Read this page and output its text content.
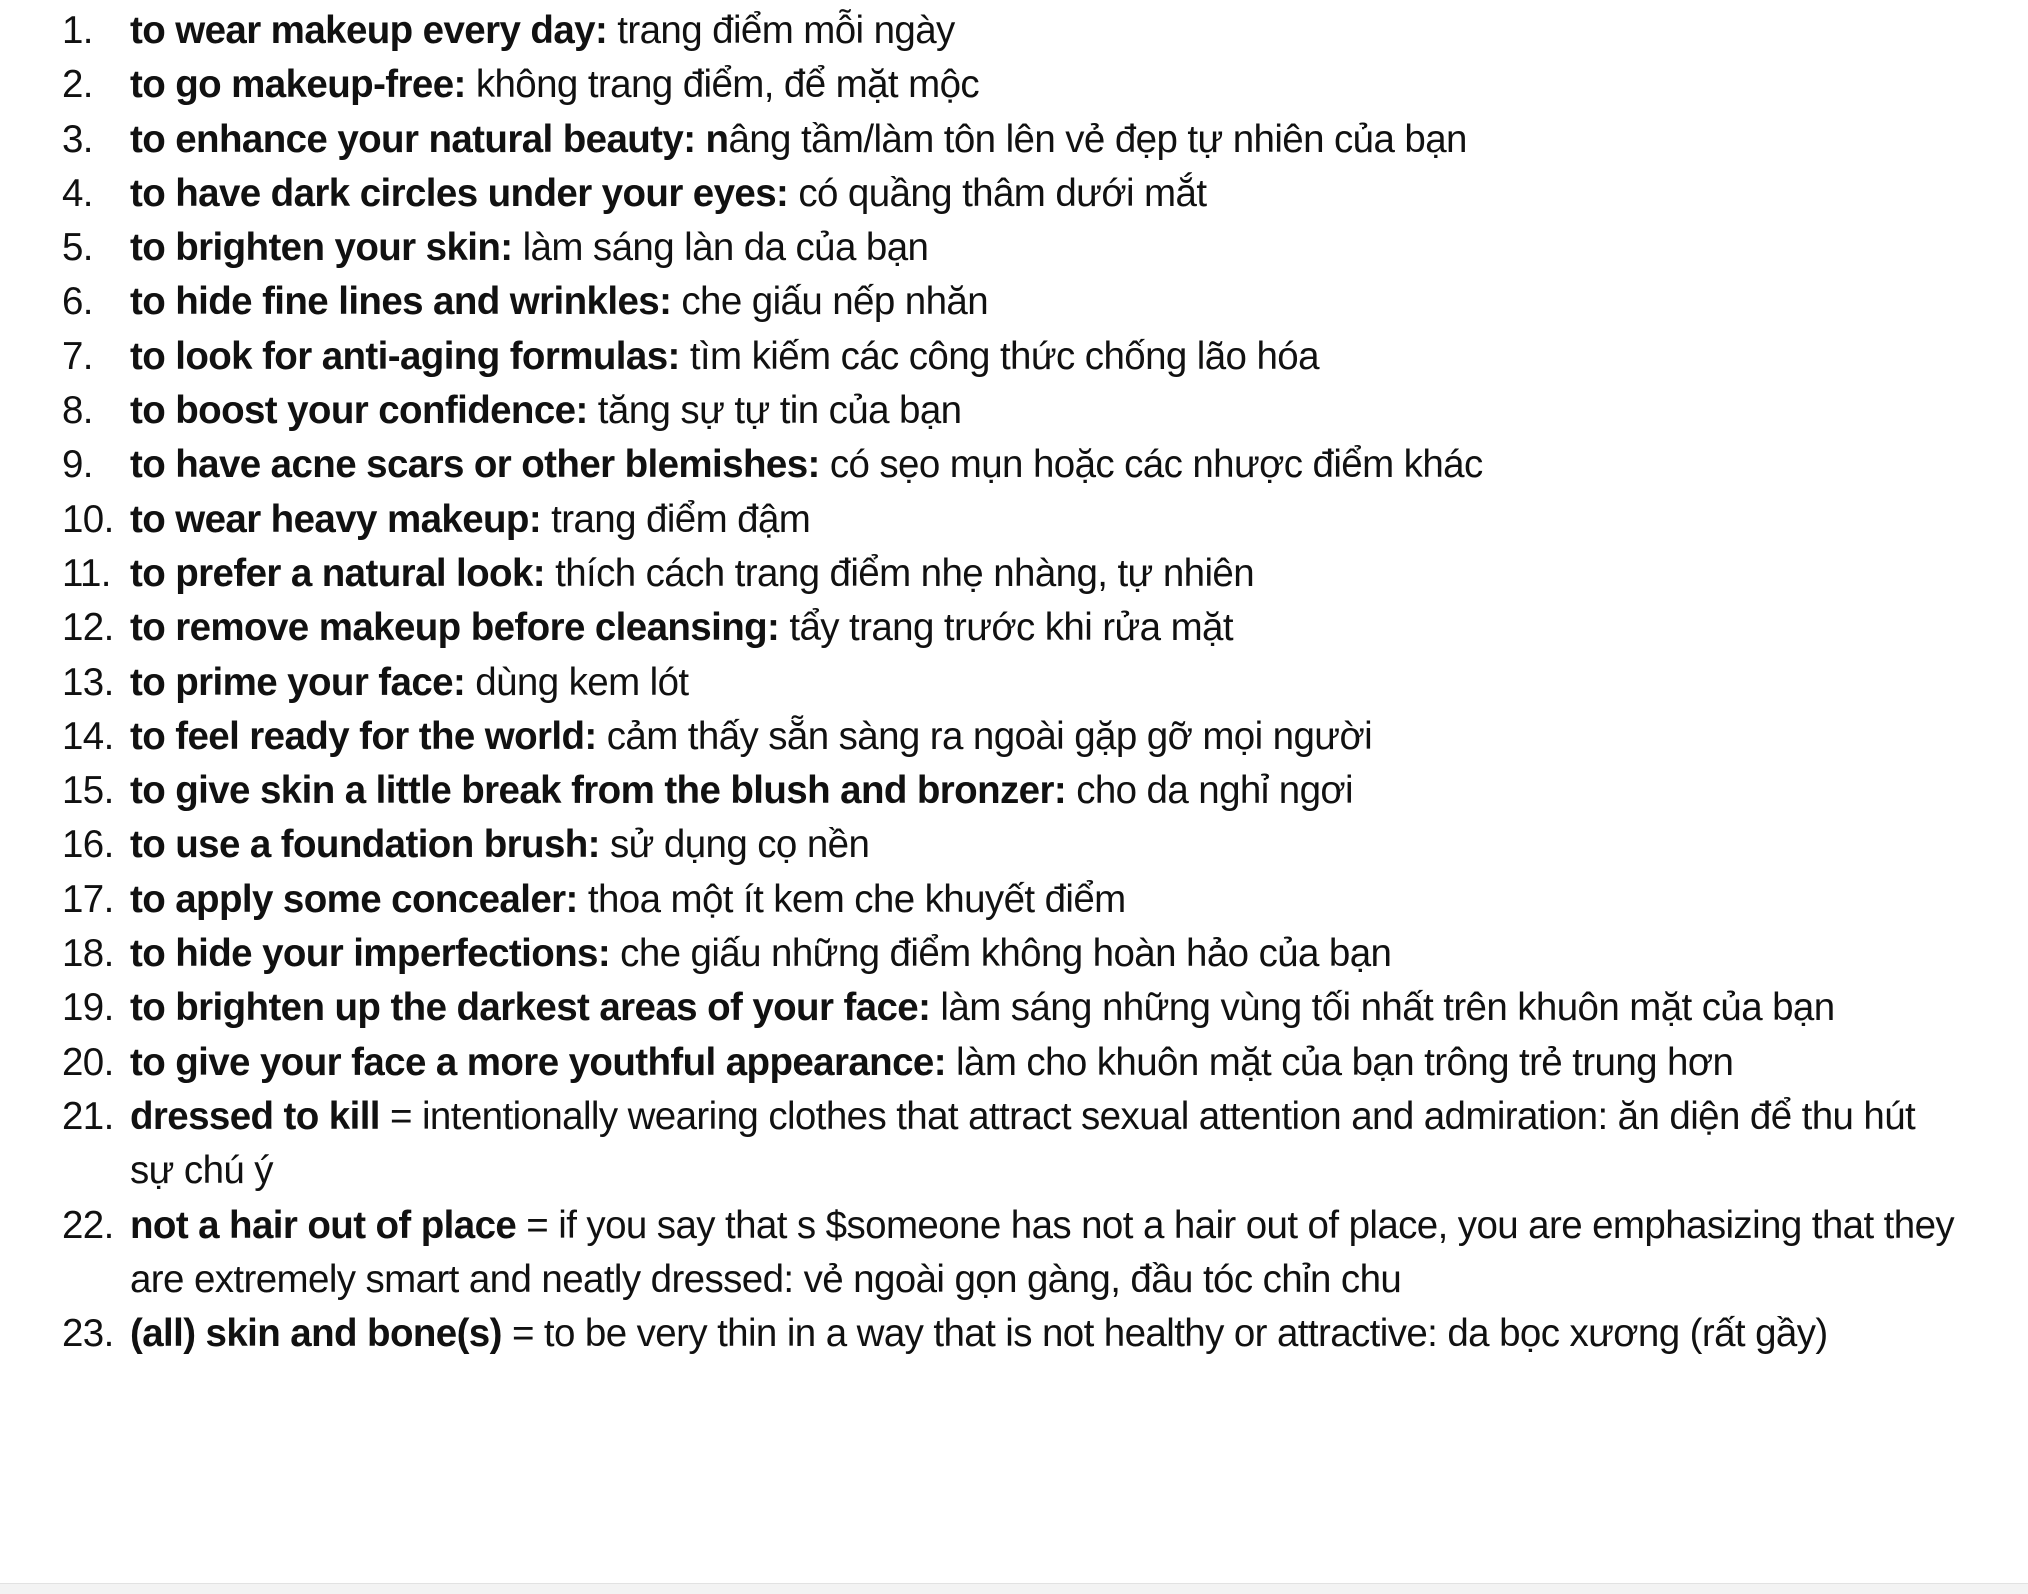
1. to wear makeup every day: trang điểm mỗi ngày
2. to go makeup-free: không trang điểm, để mặt mộc
3. to enhance your natural beauty: nâng tầm/làm tôn lên vẻ đẹp tự nhiên của bạn
4. to have dark circles under your eyes: có quầng thâm dưới mắt
5. to brighten your skin: làm sáng làn da của bạn
6. to hide fine lines and wrinkles: che giấu nếp nhăn
7. to look for anti-aging formulas: tìm kiếm các công thức chống lão hóa
8. to boost your confidence: tăng sự tự tin của bạn
9. to have acne scars or other blemishes: có sẹo mụn hoặc các nhược điểm khác
10. to wear heavy makeup: trang điểm đậm
11. to prefer a natural look: thích cách trang điểm nhẹ nhàng, tự nhiên
12. to remove makeup before cleansing: tẩy trang trước khi rửa mặt
13. to prime your face: dùng kem lót
14. to feel ready for the world: cảm thấy sẵn sàng ra ngoài gặp gỡ mọi người
15. to give skin a little break from the blush and bronzer: cho da nghỉ ngơi
16. to use a foundation brush: sử dụng cọ nền
17. to apply some concealer: thoa một ít kem che khuyết điểm
18. to hide your imperfections: che giấu những điểm không hoàn hảo của bạn
19. to brighten up the darkest areas of your face: làm sáng những vùng tối nhất trên khuôn mặt của bạn
20. to give your face a more youthful appearance: làm cho khuôn mặt của bạn trông trẻ trung hơn
21. dressed to kill = intentionally wearing clothes that attract sexual attention and admiration: ăn diện để thu hút sự chú ý
22. not a hair out of place = if you say that s $someone has not a hair out of place, you are emphasizing that they are extremely smart and neatly dressed: vẻ ngoài gọn gàng, đầu tóc chỉn chu
23. (all) skin and bone(s) = to be very thin in a way that is not healthy or attractive: da bọc xương (rất gầy)
